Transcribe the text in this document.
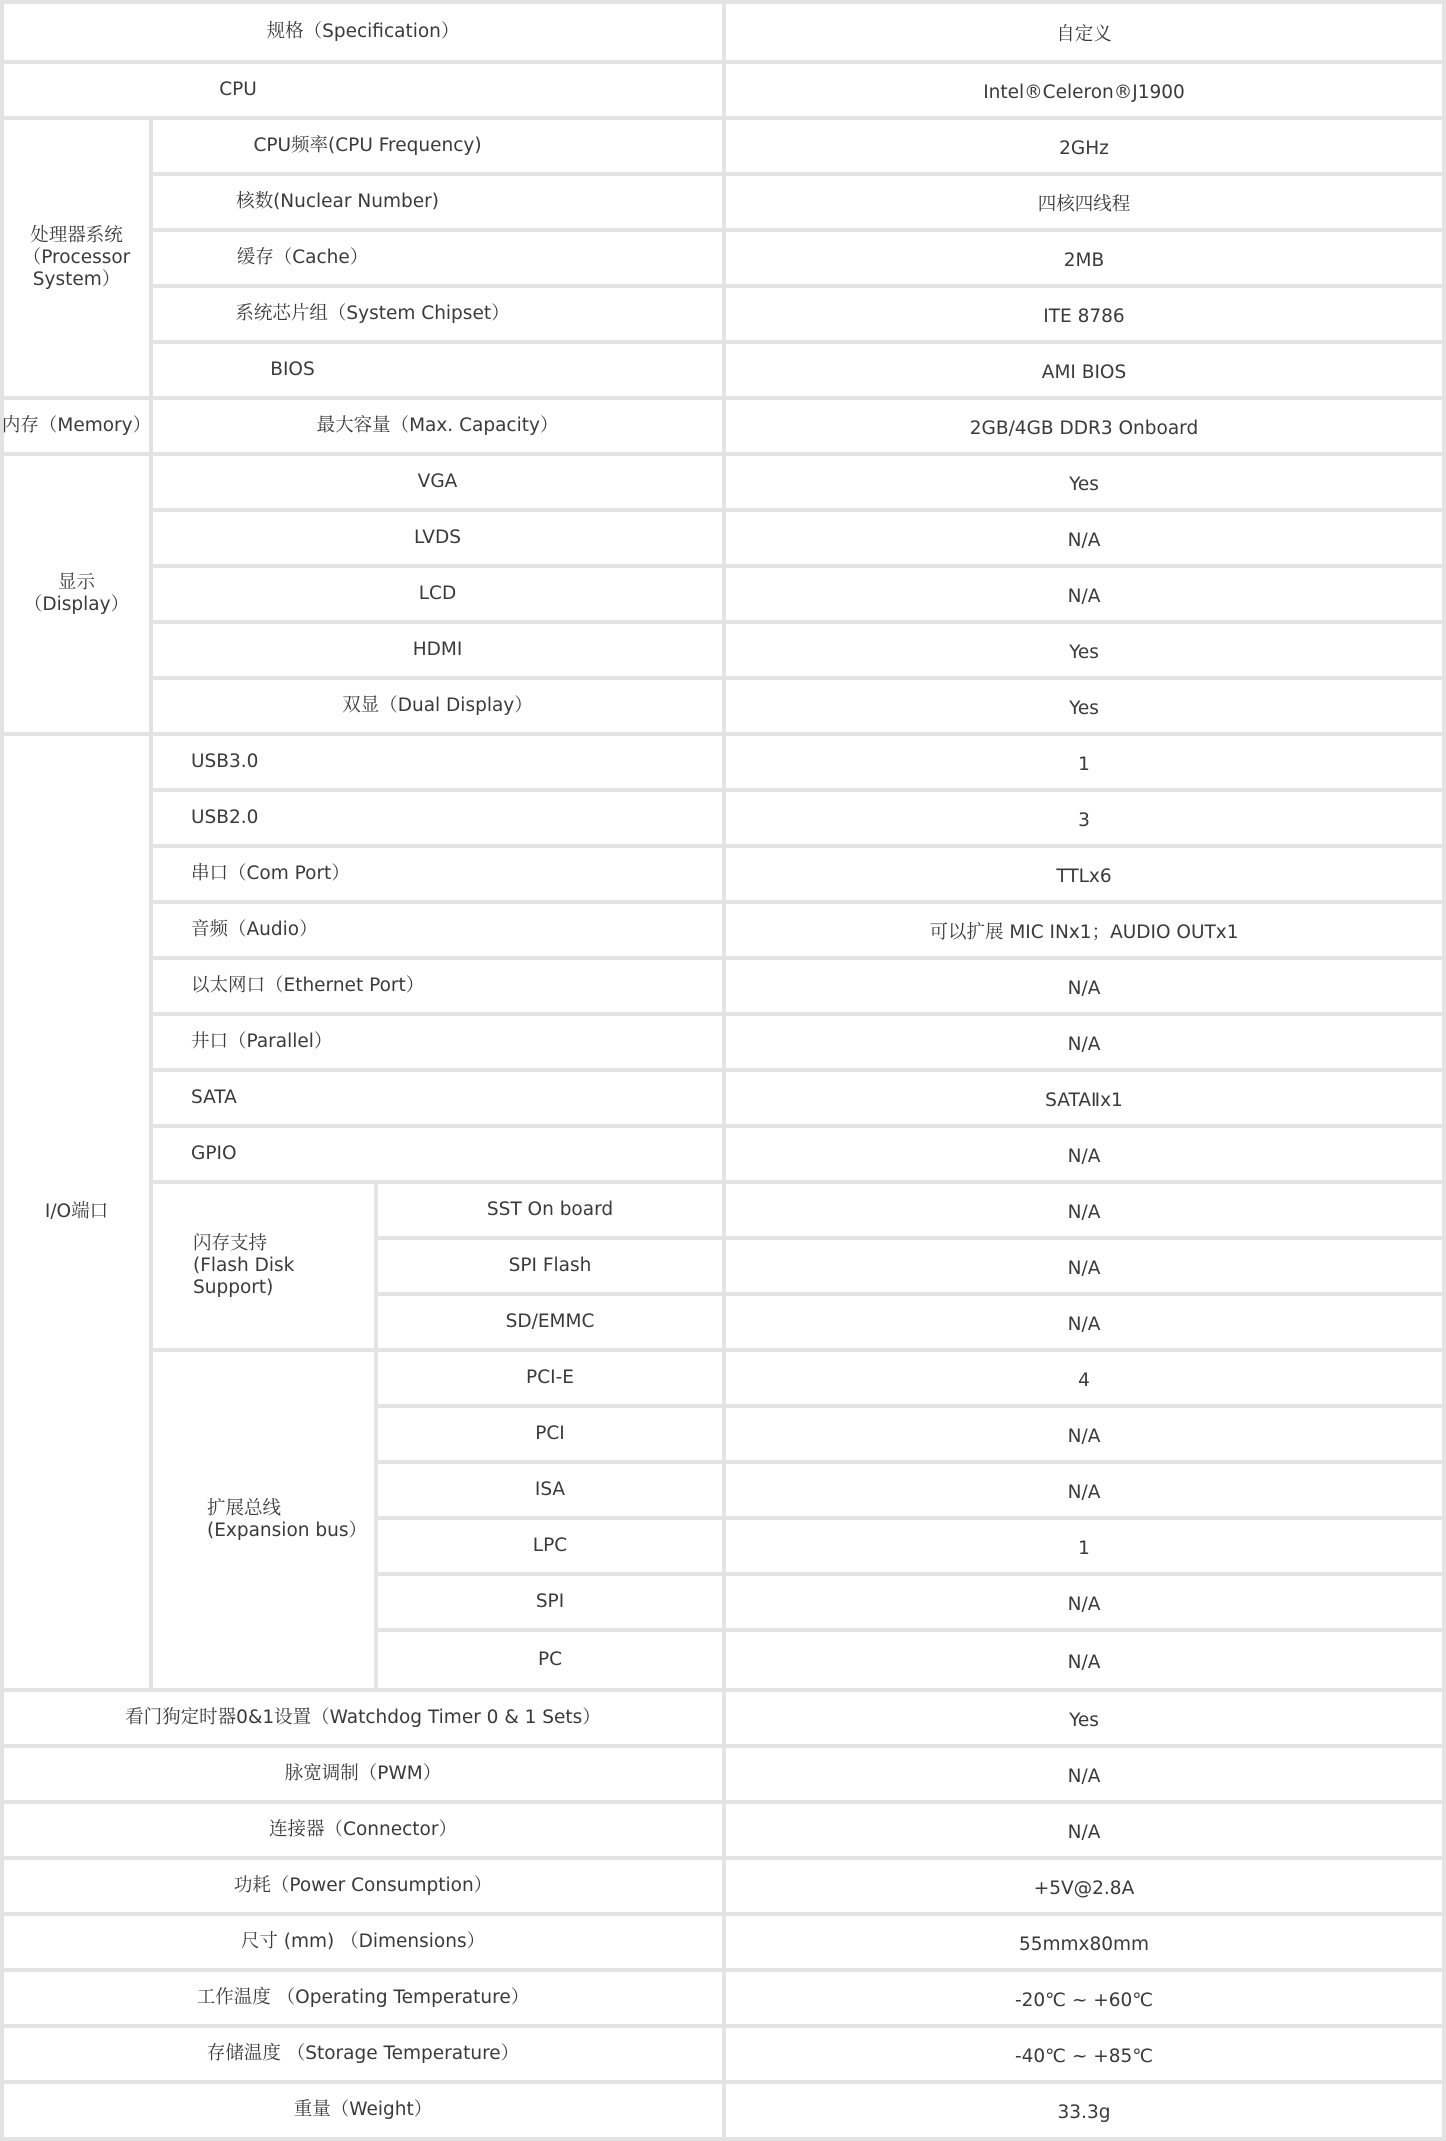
规格（Specification）	自定义
CPU	Intel®Celeron®J1900
处理器系统
（Processor
System）
CPU频率(CPU Frequency)	2GHz
核数(Nuclear Number)	四核四线程
缓存（Cache）	2MB
系统芯片组（System Chipset）	ITE 8786
BIOS	AMI BIOS
内存（Memory）	最大容量（Max. Capacity）	2GB/4GB DDR3 Onboard
显示
（Display）
VGA	Yes
LVDS	N/A
LCD	N/A
HDMI	Yes
双显（Dual Display）	Yes
I/O端口
USB3.0	1
USB2.0	3
串口（Com Port）	TTLx6
音频（Audio）	可以扩展 MIC INx1；AUDIO OUTx1
以太网口（Ethernet Port）	N/A
井口（Parallel）	N/A
SATA	SATAⅡx1
GPIO	N/A
闪存支持
(Flash Disk Support)
SST On board	N/A
SPI Flash	N/A
SD/EMMC	N/A
扩展总线
(Expansion bus）
PCI-E	4
PCI	N/A
ISA	N/A
LPC	1
SPI	N/A
PC	N/A
看门狗定时器0&1设置（Watchdog Timer 0 & 1 Sets）	Yes
脉宽调制（PWM）	N/A
连接器（Connector）	N/A
功耗（Power Consumption）	+5V@2.8A
尺寸 (mm) （Dimensions）	55mmx80mm
工作温度 （Operating Temperature）	-20℃ ~ +60℃
存储温度 （Storage Temperature）	-40℃ ~ +85℃
重量（Weight）	33.3g
